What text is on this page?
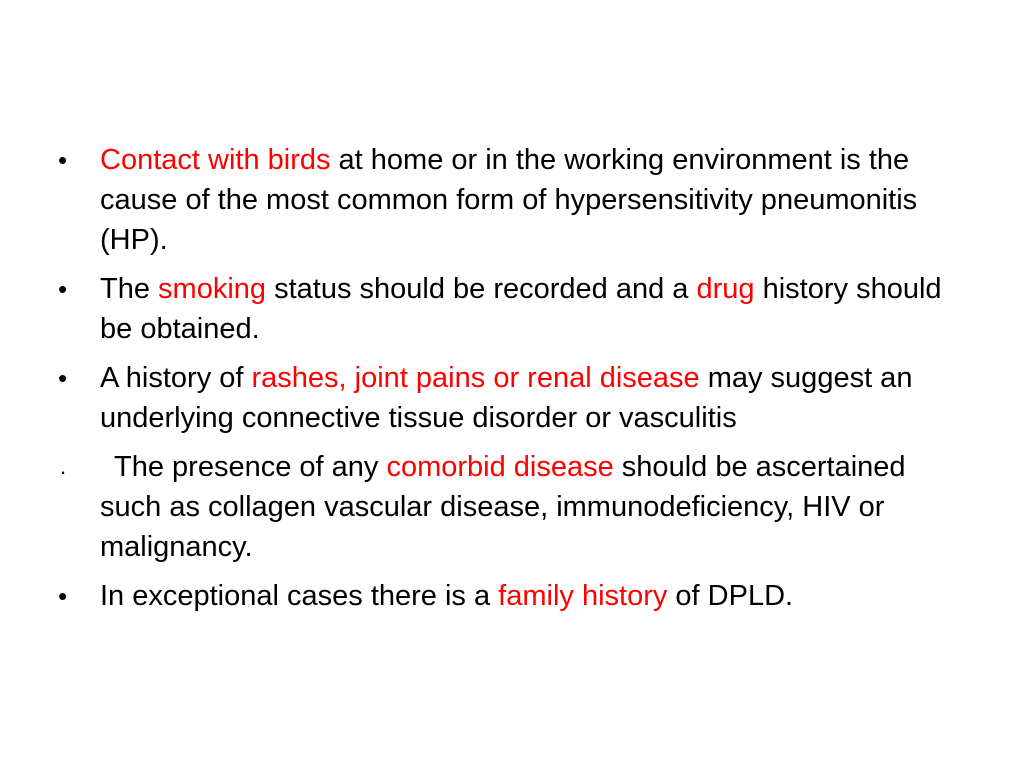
•	Contact with birds at home or in the working environment is the cause of the most common form of hypersensitivity pneumonitis (HP).
•	The smoking status should be recorded and a drug history should be obtained.
•	A history of rashes, joint pains or renal disease may suggest an underlying connective tissue disorder or vasculitis
.	The presence of any comorbid disease should be ascertained such as collagen vascular disease, immunodeficiency, HIV or malignancy.
•	In exceptional cases there is a family history of DPLD.
